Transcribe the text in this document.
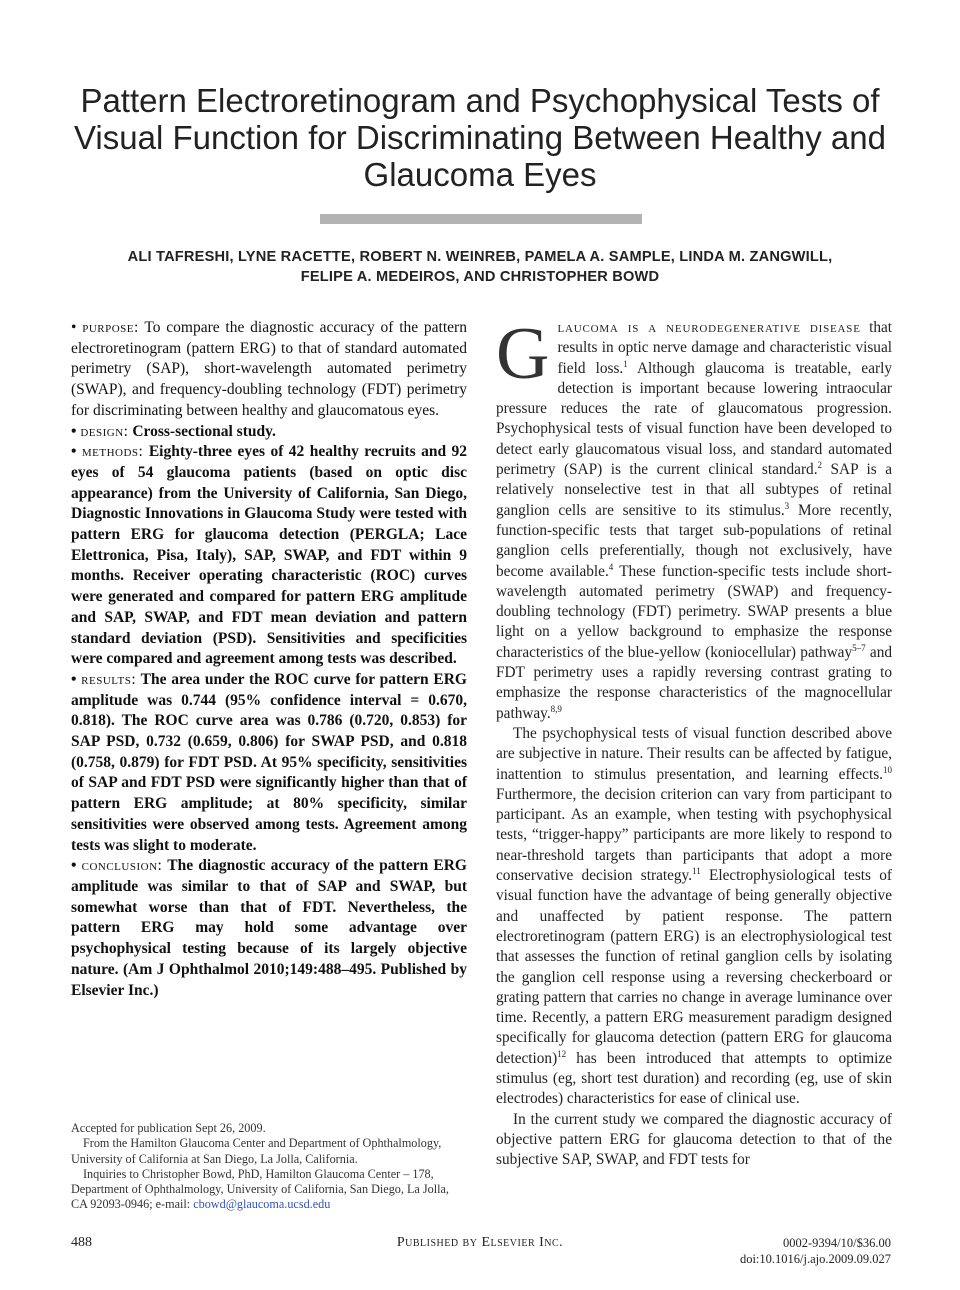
Pattern Electroretinogram and Psychophysical Tests of Visual Function for Discriminating Between Healthy and Glaucoma Eyes
ALI TAFRESHI, LYNE RACETTE, ROBERT N. WEINREB, PAMELA A. SAMPLE, LINDA M. ZANGWILL,
FELIPE A. MEDEIROS, AND CHRISTOPHER BOWD

• purpose: To compare the diagnostic accuracy of the pattern electroretinogram (pattern ERG) to that of standard automated perimetry (SAP), short-wavelength automated perimetry (SWAP), and frequency-doubling technology (FDT) perimetry for discriminating between healthy and glaucomatous eyes.

• design: Cross-sectional study.

• methods: Eighty-three eyes of 42 healthy recruits and 92 eyes of 54 glaucoma patients (based on optic disc appearance) from the University of California, San Diego, Diagnostic Innovations in Glaucoma Study were tested with pattern ERG for glaucoma detection (PERGLA; Lace Elettronica, Pisa, Italy), SAP, SWAP, and FDT within 9 months. Receiver operating characteristic (ROC) curves were generated and compared for pattern ERG amplitude and SAP, SWAP, and FDT mean deviation and pattern standard deviation (PSD). Sensitivities and specificities were compared and agreement among tests was described.

• results: The area under the ROC curve for pattern ERG amplitude was 0.744 (95% confidence interval = 0.670, 0.818). The ROC curve area was 0.786 (0.720, 0.853) for SAP PSD, 0.732 (0.659, 0.806) for SWAP PSD, and 0.818 (0.758, 0.879) for FDT PSD. At 95% specificity, sensitivities of SAP and FDT PSD were significantly higher than that of pattern ERG amplitude; at 80% specificity, similar sensitivities were observed among tests. Agreement among tests was slight to moderate.

• conclusion: The diagnostic accuracy of the pattern ERG amplitude was similar to that of SAP and SWAP, but somewhat worse than that of FDT. Nevertheless, the pattern ERG may hold some advantage over psychophysical testing because of its largely objective nature. (Am J Ophthalmol 2010;149:488–495. Published by Elsevier Inc.)

Glaucoma is a neurodegenerative disease that results in optic nerve damage and characteristic visual field loss.$^1$ Although glaucoma is treatable, early detection is important because lowering intraocular pressure reduces the rate of glaucomatous progression. Psychophysical tests of visual function have been developed to detect early glaucomatous visual loss, and standard automated perimetry (SAP) is the current clinical standard.$^2$ SAP is a relatively nonselective test in that all subtypes of retinal ganglion cells are sensitive to its stimulus.$^3$ More recently, function-specific tests that target sub-populations of retinal ganglion cells preferentially, though not exclusively, have become available.$^4$ These function-specific tests include short-wavelength automated perimetry (SWAP) and frequency-doubling technology (FDT) perimetry. SWAP presents a blue light on a yellow background to emphasize the response characteristics of the blue-yellow (koniocellular) pathway$^{5-7}$ and FDT perimetry uses a rapidly reversing contrast grating to emphasize the response characteristics of the magnocellular pathway.$^{8,9}$

The psychophysical tests of visual function described above are subjective in nature. Their results can be affected by fatigue, inattention to stimulus presentation, and learning effects.$^{10}$ Furthermore, the decision criterion can vary from participant to participant. As an example, when testing with psychophysical tests, “trigger-happy” participants are more likely to respond to near-threshold targets than participants that adopt a more conservative decision strategy.$^{11}$ Electrophysiological tests of visual function have the advantage of being generally objective and unaffected by patient response. The pattern electroretinogram (pattern ERG) is an electrophysiological test that assesses the function of retinal ganglion cells by isolating the ganglion cell response using a reversing checkerboard or grating pattern that carries no change in average luminance over time. Recently, a pattern ERG measurement paradigm designed specifically for glaucoma detection (pattern ERG for glaucoma detection)$^{12}$ has been introduced that attempts to optimize stimulus (eg, short test duration) and recording (eg, use of skin electrodes) characteristics for ease of clinical use.

In the current study we compared the diagnostic accuracy of objective pattern ERG for glaucoma detection to that of the subjective SAP, SWAP, and FDT tests for

Accepted for publication Sept 26, 2009.

From the Hamilton Glaucoma Center and Department of Ophthalmology, University of California at San Diego, La Jolla, California.

Inquiries to Christopher Bowd, PhD, Hamilton Glaucoma Center – 178, Department of Ophthalmology, University of California, San Diego, La Jolla, CA 92093-0946; e-mail: cbowd@glaucoma.ucsd.edu

488	Published by Elsevier Inc.	0002-9394/10/$36.00
doi:10.1016/j.ajo.2009.09.027
